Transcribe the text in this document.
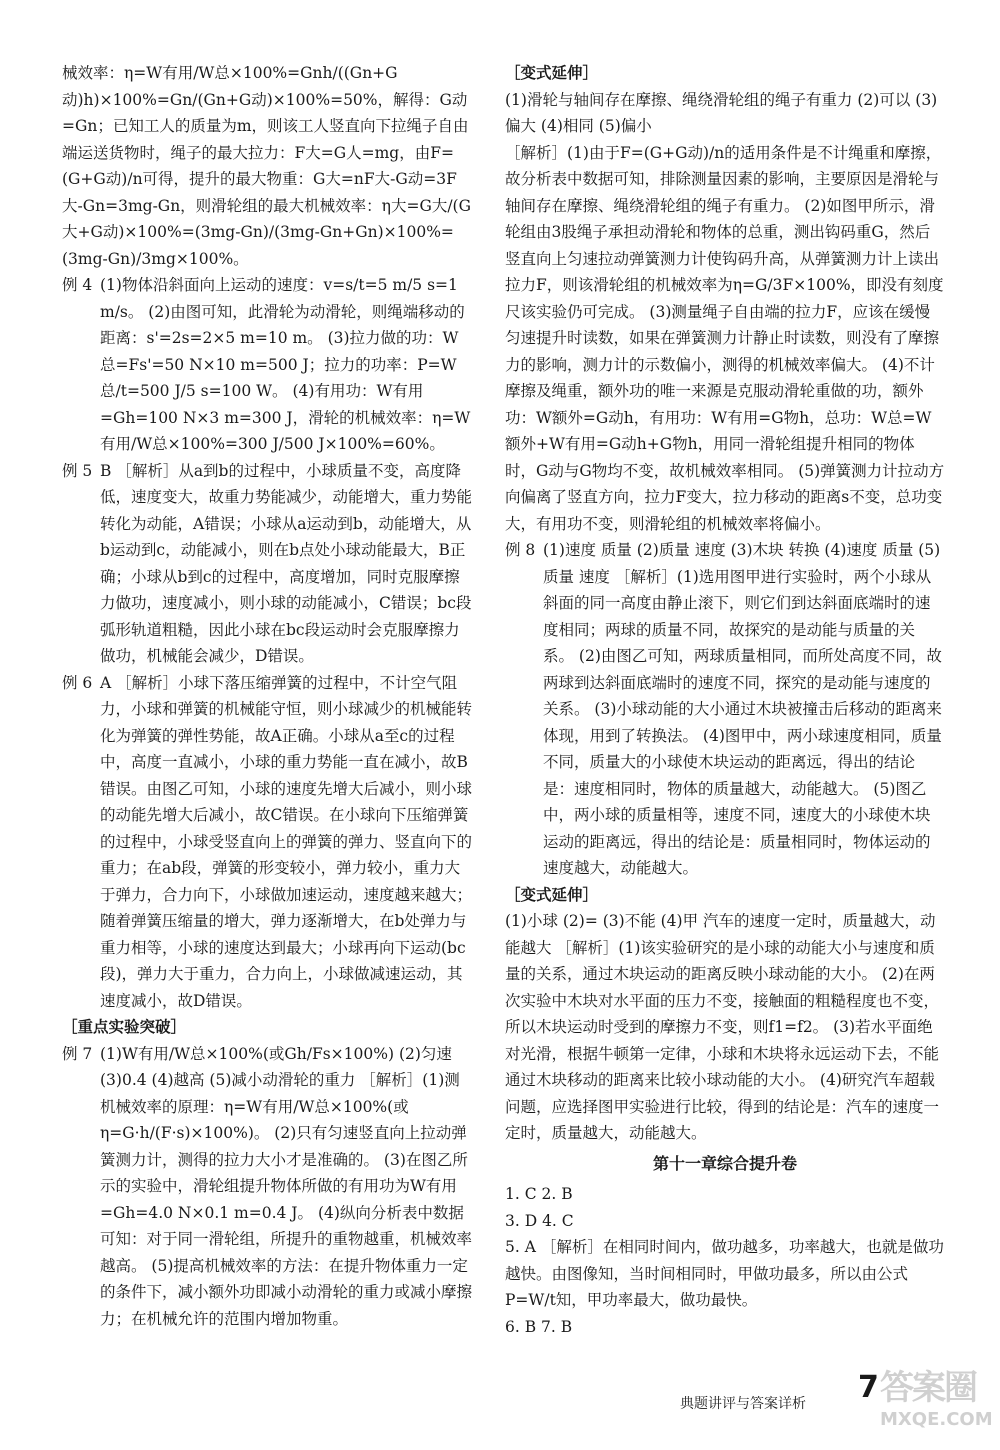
械效率：η=W有用/W总×100%=Gnh/((Gn+G动)h)×100%=Gn/(Gn+G动)×100%=50%，解得：G动=Gn；已知工人的质量为m，则该工人竖直向下拉绳子自由端运送货物时，绳子的最大拉力：F大=G人=mg，由F=(G+G动)/n可得，提升的最大物重：G大=nF大-G动=3F大-Gn=3mg-Gn，则滑轮组的最大机械效率：η大=G大/(G大+G动)×100%=(3mg-Gn)/(3mg-Gn+Gn)×100%=(3mg-Gn)/3mg×100%。
例 4 (1)物体沿斜面向上运动的速度：v=s/t=5 m/5 s=1 m/s。 (2)由图可知，此滑轮为动滑轮，则绳端移动的距离：s'=2s=2×5 m=10 m。 (3)拉力做的功：W总=Fs'=50 N×10 m=500 J；拉力的功率：P=W总/t=500 J/5 s=100 W。 (4)有用功：W有用=Gh=100 N×3 m=300 J，滑轮的机械效率：η=W有用/W总×100%=300 J/500 J×100%=60%。
例 5 B ［解析］从a到b的过程中，小球质量不变，高度降低，速度变大，故重力势能减少，动能增大，重力势能转化为动能，A错误；小球从a运动到b，动能增大，从b运动到c，动能减小，则在b点处小球动能最大，B正确；小球从b到c的过程中，高度增加，同时克服摩擦力做功，速度减小，则小球的动能减小，C错误；bc段弧形轨道粗糙，因此小球在bc段运动时会克服摩擦力做功，机械能会减少，D错误。
例 6 A ［解析］小球下落压缩弹簧的过程中，不计空气阻力，小球和弹簧的机械能守恒，则小球减少的机械能转化为弹簧的弹性势能，故A正确。小球从a至c的过程中，高度一直减小，小球的重力势能一直在减小，故B错误。由图乙可知，小球的速度先增大后减小，则小球的动能先增大后减小，故C错误。在小球向下压缩弹簧的过程中，小球受竖直向上的弹簧的弹力、竖直向下的重力；在ab段，弹簧的形变较小，弹力较小，重力大于弹力，合力向下，小球做加速运动，速度越来越大；随着弹簧压缩量的增大，弹力逐渐增大，在b处弹力与重力相等，小球的速度达到最大；小球再向下运动(bc段)，弹力大于重力，合力向上，小球做减速运动，其速度减小，故D错误。
［重点实验突破］
例 7 (1)W有用/W总×100%(或Gh/Fs×100%) (2)匀速 (3)0.4 (4)越高 (5)减小动滑轮的重力 ［解析］(1)测机械效率的原理：η=W有用/W总×100%(或η=G·h/(F·s)×100%)。 (2)只有匀速竖直向上拉动弹簧测力计，测得的拉力大小才是准确的。 (3)在图乙所示的实验中，滑轮组提升物体所做的有用功为W有用=Gh=4.0 N×0.1 m=0.4 J。 (4)纵向分析表中数据可知：对于同一滑轮组，所提升的重物越重，机械效率越高。 (5)提高机械效率的方法：在提升物体重力一定的条件下，减小额外功即减小动滑轮的重力或减小摩擦力；在机械允许的范围内增加物重。
［变式延伸］
(1)滑轮与轴间存在摩擦、绳绕滑轮组的绳子有重力 (2)可以 (3)偏大 (4)相同 (5)偏小
［解析］(1)由于F=(G+G动)/n的适用条件是不计绳重和摩擦，故分析表中数据可知，排除测量因素的影响，主要原因是滑轮与轴间存在摩擦、绳绕滑轮组的绳子有重力。 (2)如图甲所示，滑轮组由3股绳子承担动滑轮和物体的总重，测出钩码重G，然后竖直向上匀速拉动弹簧测力计使钩码升高，从弹簧测力计上读出拉力F，则该滑轮组的机械效率为η=G/3F×100%，即没有刻度尺该实验仍可完成。 (3)测量绳子自由端的拉力F，应该在缓慢匀速提升时读数，如果在弹簧测力计静止时读数，则没有了摩擦力的影响，测力计的示数偏小，测得的机械效率偏大。 (4)不计摩擦及绳重，额外功的唯一来源是克服动滑轮重做的功，额外功：W额外=G动h，有用功：W有用=G物h，总功：W总=W额外+W有用=G动h+G物h，用同一滑轮组提升相同的物体时，G动与G物均不变，故机械效率相同。 (5)弹簧测力计拉动方向偏离了竖直方向，拉力F变大，拉力移动的距离s不变，总功变大，有用功不变，则滑轮组的机械效率将偏小。
例 8 (1)速度 质量 (2)质量 速度 (3)木块 转换 (4)速度 质量 (5)质量 速度 ［解析］(1)选用图甲进行实验时，两个小球从斜面的同一高度由静止滚下，则它们到达斜面底端时的速度相同；两球的质量不同，故探究的是动能与质量的关系。 (2)由图乙可知，两球质量相同，而所处高度不同，故两球到达斜面底端时的速度不同，探究的是动能与速度的关系。 (3)小球动能的大小通过木块被撞击后移动的距离来体现，用到了转换法。 (4)图甲中，两小球速度相同，质量不同，质量大的小球使木块运动的距离远，得出的结论是：速度相同时，物体的质量越大，动能越大。 (5)图乙中，两小球的质量相等，速度不同，速度大的小球使木块运动的距离远，得出的结论是：质量相同时，物体运动的速度越大，动能越大。
［变式延伸］
(1)小球 (2)= (3)不能 (4)甲 汽车的速度一定时，质量越大，动能越大 ［解析］(1)该实验研究的是小球的动能大小与速度和质量的关系，通过木块运动的距离反映小球动能的大小。 (2)在两次实验中木块对水平面的压力不变，接触面的粗糙程度也不变，所以木块运动时受到的摩擦力不变，则f1=f2。 (3)若水平面绝对光滑，根据牛顿第一定律，小球和木块将永远运动下去，不能通过木块移动的距离来比较小球动能的大小。 (4)研究汽车超载问题，应选择图甲实验进行比较，得到的结论是：汽车的速度一定时，质量越大，动能越大。
第十一章综合提升卷
1. C 2. B
3. D 4. C
5. A ［解析］在相同时间内，做功越多，功率越大，也就是做功越快。由图像知，当时间相同时，甲做功最多，所以由公式P=W/t知，甲功率最大，做功最快。
6. B 7. B
典题讲评与答案详析 7 答案圈
MXQE.COM
